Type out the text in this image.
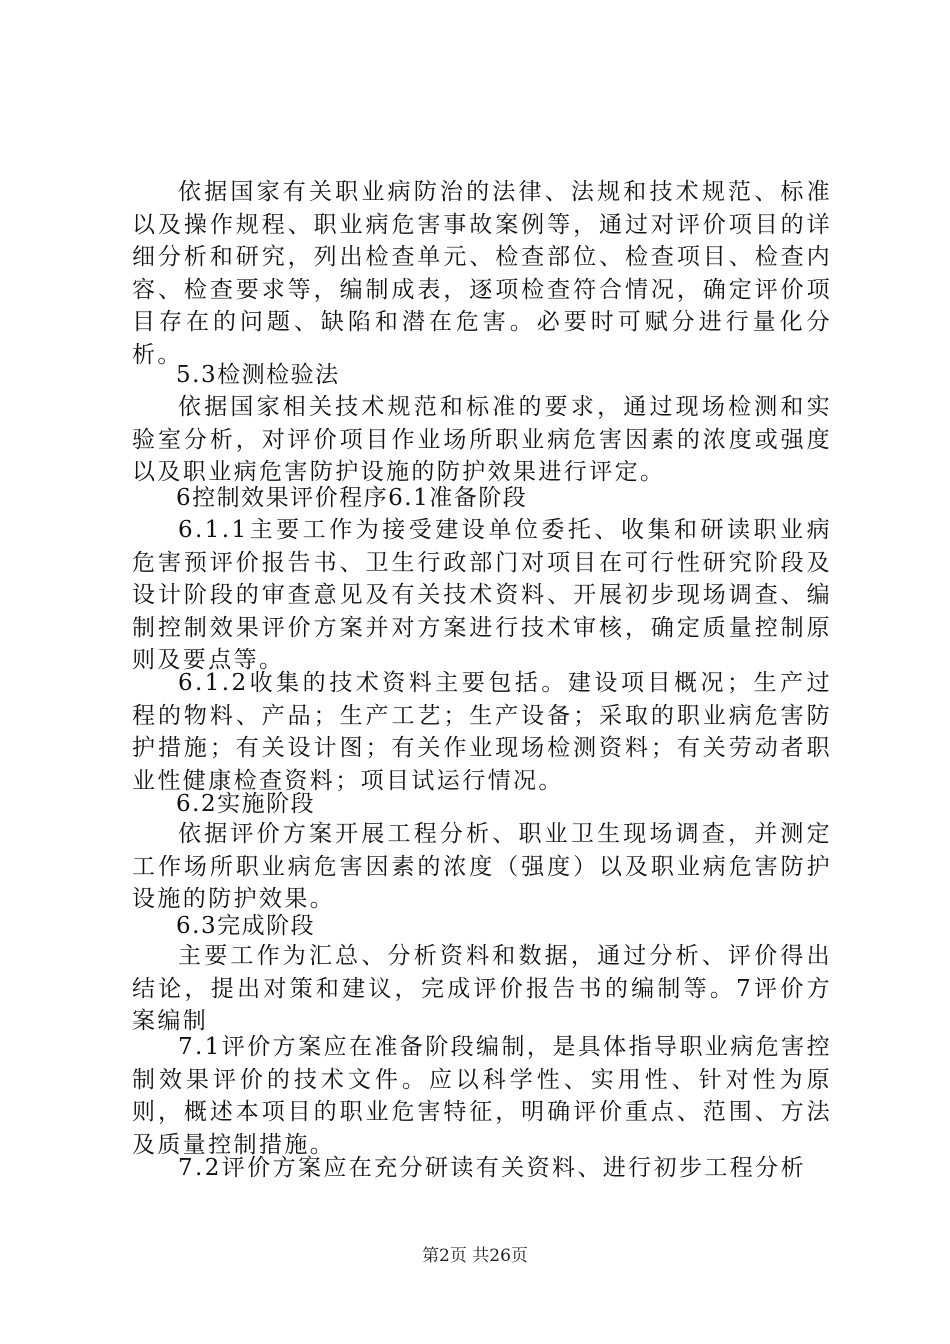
依据国家有关职业病防治的法律、法规和技术规范、标准以及操作规程、职业病危害事故案例等，通过对评价项目的详细分析和研究，列出检查单元、检查部位、检查项目、检查内容、检查要求等，编制成表，逐项检查符合情况，确定评价项目存在的问题、缺陷和潜在危害。必要时可赋分进行量化分析。

5.3检测检验法

依据国家相关技术规范和标准的要求，通过现场检测和实验室分析，对评价项目作业场所职业病危害因素的浓度或强度以及职业病危害防护设施的防护效果进行评定。

6控制效果评价程序6.1准备阶段

6.1.1主要工作为接受建设单位委托、收集和研读职业病危害预评价报告书、卫生行政部门对项目在可行性研究阶段及设计阶段的审查意见及有关技术资料、开展初步现场调查、编制控制效果评价方案并对方案进行技术审核，确定质量控制原则及要点等。

6.1.2收集的技术资料主要包括。建设项目概况；生产过程的物料、产品；生产工艺；生产设备；采取的职业病危害防护措施；有关设计图；有关作业现场检测资料；有关劳动者职业性健康检查资料；项目试运行情况。

6.2实施阶段

依据评价方案开展工程分析、职业卫生现场调查，并测定工作场所职业病危害因素的浓度（强度）以及职业病危害防护设施的防护效果。

6.3完成阶段

主要工作为汇总、分析资料和数据，通过分析、评价得出结论，提出对策和建议，完成评价报告书的编制等。7评价方案编制

7.1评价方案应在准备阶段编制，是具体指导职业病危害控制效果评价的技术文件。应以科学性、实用性、针对性为原则，概述本项目的职业危害特征，明确评价重点、范围、方法及质量控制措施。

7.2评价方案应在充分研读有关资料、进行初步工程分析

第2页 共26页
